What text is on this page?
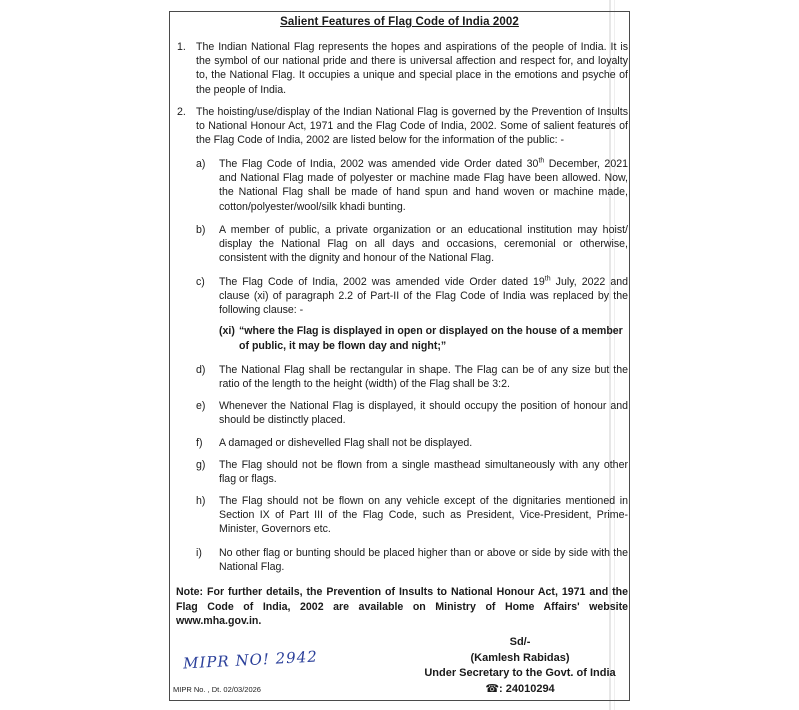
Salient Features of Flag Code of India 2002
1. The Indian National Flag represents the hopes and aspirations of the people of India. It is the symbol of our national pride and there is universal affection and respect for, and loyalty to, the National Flag. It occupies a unique and special place in the emotions and psyche of the people of India.
2. The hoisting/use/display of the Indian National Flag is governed by the Prevention of Insults to National Honour Act, 1971 and the Flag Code of India, 2002. Some of salient features of the Flag Code of India, 2002 are listed below for the information of the public: -
a) The Flag Code of India, 2002 was amended vide Order dated 30th December, 2021 and National Flag made of polyester or machine made Flag have been allowed. Now, the National Flag shall be made of hand spun and hand woven or machine made, cotton/polyester/wool/silk khadi bunting.
b) A member of public, a private organization or an educational institution may hoist/ display the National Flag on all days and occasions, ceremonial or otherwise, consistent with the dignity and honour of the National Flag.
c) The Flag Code of India, 2002 was amended vide Order dated 19th July, 2022 and clause (xi) of paragraph 2.2 of Part-II of the Flag Code of India was replaced by the following clause: -
(xi) “where the Flag is displayed in open or displayed on the house of a member of public, it may be flown day and night;”
d) The National Flag shall be rectangular in shape. The Flag can be of any size but the ratio of the length to the height (width) of the Flag shall be 3:2.
e) Whenever the National Flag is displayed, it should occupy the position of honour and should be distinctly placed.
f) A damaged or dishevelled Flag shall not be displayed.
g) The Flag should not be flown from a single masthead simultaneously with any other flag or flags.
h) The Flag should not be flown on any vehicle except of the dignitaries mentioned in Section IX of Part III of the Flag Code, such as President, Vice-President, Prime-Minister, Governors etc.
i) No other flag or bunting should be placed higher than or above or side by side with the National Flag.
Note: For further details, the Prevention of Insults to National Honour Act, 1971 and the Flag Code of India, 2002 are available on Ministry of Home Affairs' website www.mha.gov.in.
Sd/-
(Kamlesh Rabidas)
Under Secretary to the Govt. of India
☎: 24010294
MIPR NO! 2942
MIPR No. , Dt. 02/03/2026
